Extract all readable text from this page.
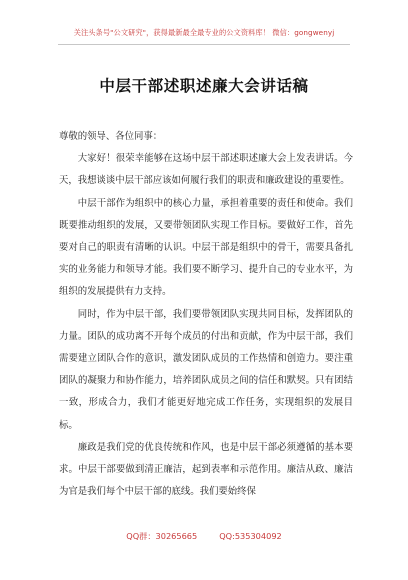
关注头条号"公文研究"，获得最新最全最专业的公文资料库！ 微信：gongwenyj
中层干部述职述廉大会讲话稿

尊敬的领导、各位同事：

大家好！很荣幸能够在这场中层干部述职述廉大会上发表讲话。今天，我想谈谈中层干部应该如何履行我们的职责和廉政建设的重要性。

中层干部作为组织中的核心力量，承担着重要的责任和使命。我们既要推动组织的发展，又要带领团队实现工作目标。要做好工作，首先要对自己的职责有清晰的认识。中层干部是组织中的骨干，需要具备扎实的业务能力和领导才能。我们要不断学习、提升自己的专业水平，为组织的发展提供有力支持。

同时，作为中层干部，我们要带领团队实现共同目标，发挥团队的力量。团队的成功离不开每个成员的付出和贡献，作为中层干部，我们需要建立团队合作的意识，激发团队成员的工作热情和创造力。要注重团队的凝聚力和协作能力，培养团队成员之间的信任和默契。只有团结一致，形成合力，我们才能更好地完成工作任务，实现组织的发展目标。

廉政是我们党的优良传统和作风，也是中层干部必须遵循的基本要求。中层干部要做到清正廉洁，起到表率和示范作用。廉洁从政、廉洁为官是我们每个中层干部的底线。我们要始终保

QQ群：30265665	QQ:535304092
